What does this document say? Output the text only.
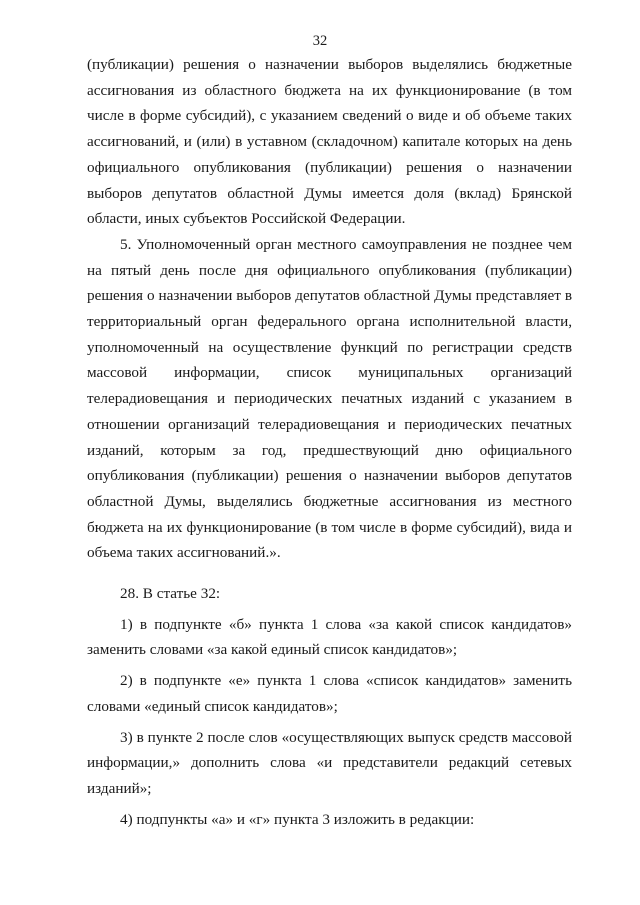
32

(публикации) решения о назначении выборов выделялись бюджетные ассигнования из областного бюджета на их функционирование (в том числе в форме субсидий), с указанием сведений о виде и об объеме таких ассигнований, и (или) в уставном (складочном) капитале которых на день официального опубликования (публикации) решения о назначении выборов депутатов областной Думы имеется доля (вклад) Брянской области, иных субъектов Российской Федерации.

5. Уполномоченный орган местного самоуправления не позднее чем на пятый день после дня официального опубликования (публикации) решения о назначении выборов депутатов областной Думы представляет в территориальный орган федерального органа исполнительной власти, уполномоченный на осуществление функций по регистрации средств массовой информации, список муниципальных организаций телерадиовещания и периодических печатных изданий с указанием в отношении организаций телерадиовещания и периодических печатных изданий, которым за год, предшествующий дню официального опубликования (публикации) решения о назначении выборов депутатов областной Думы, выделялись бюджетные ассигнования из местного бюджета на их функционирование (в том числе в форме субсидий), вида и объема таких ассигнований.».

28. В статье 32:

1) в подпункте «б» пункта 1 слова «за какой список кандидатов» заменить словами «за какой единый список кандидатов»;

2) в подпункте «е» пункта 1 слова «список кандидатов» заменить словами «единый список кандидатов»;

3) в пункте 2 после слов «осуществляющих выпуск средств массовой информации,» дополнить слова «и представители редакций сетевых изданий»;

4) подпункты «а» и «г» пункта 3 изложить в редакции:
